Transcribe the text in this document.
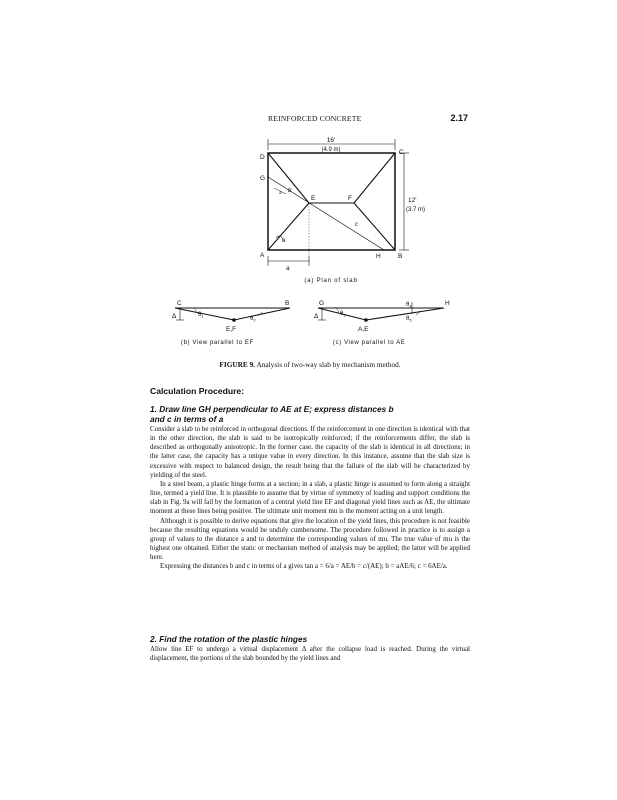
REINFORCED CONCRETE	2.17
16'
(4.9 m)
12'
(3.7 m)
D
C
G
E	F
A	H	B
b
a
c
a
a
(a) Plan of slab
C	B
Δ	$\theta_1$	$\theta_2$
E,F
(b) View parallel to EF
G	H
Δ	$\theta_3$
$\theta_4$
$\theta_5$
A,E
(c) View parallel to AE
FIGURE 9. Analysis of two-way slab by mechanism method.
Calculation Procedure:
1. Draw line GH perpendicular to AE at E; express distances b
and c in terms of a

Consider a slab to be reinforced in orthogonal directions. If the reinforcement in one direction is identical with that in the other direction, the slab is said to be isotropically reinforced; if the reinforcements differ, the slab is described as orthogonally anisotropic. In the former case, the capacity of the slab is identical in all directions; in the latter case, the capacity has a unique value in every direction. In this instance, assume that the slab size is excessive with respect to balanced design, the result being that the failure of the slab will be characterized by yielding of the steel.

In a steel beam, a plastic hinge forms at a section; in a slab, a plastic hinge is assumed to form along a straight line, termed a yield line. It is plausible to assume that by virtue of symmetry of loading and support conditions the slab in Fig. 9a will fail by the formation of a central yield line EF and diagonal yield lines such as AE, the ultimate moment at these lines being positive. The ultimate unit moment mu is the moment acting on a unit length.

Although it is possible to derive equations that give the location of the yield lines, this procedure is not feasible because the resulting equations would be unduly cumbersome. The procedure followed in practice is to assign a group of values to the distance a and to determine the corresponding values of mu. The true value of mu is the highest one obtained. Either the static or mechanism method of analysis may be applied; the latter will be applied here.

Expressing the distances b and c in terms of a gives tan a = 6/a = AE/b = c/(AE); b = aAE/6; c = 6AE/a.

2. Find the rotation of the plastic hinges

Allow line EF to undergo a virtual displacement Δ after the collapse load is reached. During the virtual displacement, the portions of the slab bounded by the yield lines and
